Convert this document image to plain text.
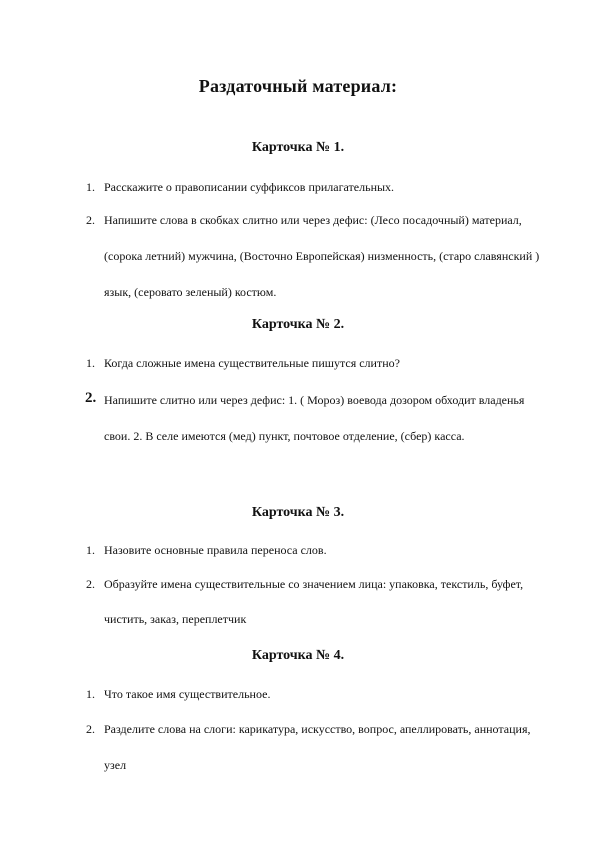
Раздаточный материал:
Карточка № 1.
1. Расскажите о правописании суффиксов прилагательных.
2. Напишите слова в скобках слитно или через дефис: (Лесо посадочный) материал,
(сорока летний) мужчина, (Восточно Европейская) низменность, (старо славянский )
язык, (серовато зеленый) костюм.
Карточка № 2.
1. Когда сложные имена существительные пишутся слитно?
2. Напишите слитно или через дефис: 1. ( Мороз) воевода дозором обходит владенья
свои. 2. В селе имеются (мед) пункт, почтовое отделение, (сбер) касса.
Карточка № 3.
1. Назовите основные правила переноса слов.
2. Образуйте имена существительные со значением лица: упаковка, текстиль, буфет,
чистить, заказ, переплетчик
Карточка № 4.
1. Что такое имя существительное.
2. Разделите слова на слоги: карикатура, искусство, вопрос, апеллировать, аннотация,
узел
